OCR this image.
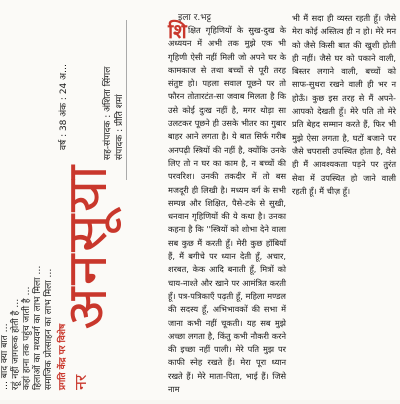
… बाद क्या बात … रहूं नहीं जागरूक होती है … कहां हाना तक पहुंच जाती है … हिलाओं का मध्यवर्ग का लाभ मिला … समाजिक प्रोत्साहन का लाभ मिला … प्रगति केंद्र पर विशेष नर
अनसूया
वर्ष : 38 अंक : 24 अ…	सह-संपादक : अंशिता सिंगल संपादक : प्रीति शमां
इला र.भट्ट
शि क्षित गृहिणियों के सुख-दुख के अध्ययन में अभी तक मुझे एक भी गृहिणी ऐसी नहीं मिली जो अपने घर के कामकाज से तथा बच्चों से पूरी तरह संतुष्ट हो। पहला सवाल पूछने पर तो फौरन तोतारटंत-सा जवाब मिलता है कि उसे कोई दुःख नहीं है, मगर थोड़ा सा उलटकर पूछने ही उसके भीतर का गुबार बाहर आने लगता है। ये बात सिर्फ गरीब अनपढ़ी स्त्रियों की नहीं है, क्योंकि उनके लिए तो न घर का काम है, न बच्चों की परवरिश। उनकी तकदीर में तो बस मजदूरी ही लिखी है। मध्यम वर्ग के सभी सम्पन्न और शिक्षित, पैसे-टके से सुखी, धनवान गृहिणियों की ये कथा है। उनका कहना है कि ''स्त्रियों को शोभा देने वाला सब कुछ मैं करती हूँ। मेरी कुछ हॉबियाँ हैं, मैं बगीचे पर ध्यान देती हूँ, अचार, शरबत, केक आदि बनाती हूँ, मित्रों को चाय-नाश्ते और खाने पर आमंत्रित करती हूँ। पत्र-पत्रिकाएँ पढ़ती हूँ, महिला मण्डल की सदस्य हूँ, अभिभावकों की सभा में जाना कभी नहीं चूकती। यह सब मुझे अच्छा लगता है, किंतु कभी नौकरी करने की इच्छा नहीं पाली। मेरे पति मुझ पर काफी स्नेह रखते हैं। मेरा पूरा ध्यान रखते हैं। मेरे माता-पिता, भाई हैं। जिसे नाम

भी मैं सदा ही व्यस्त रहती हूँ। जैसे मेरा कोई अस्तित्व ही न हो। मेरे मन को जैसे किसी बात की खुशी होती ही नहीं। जैसे घर को पकाने वाली, बिस्तर लगाने वाली, बच्चों को साफ-सुथरा रखने वाली ही भर न होऊँ। कुछ इस तरह से मैं अपने-आपको देखती हूँ। मेरे पति तो मेरे प्रति बेहद सम्मान करते हैं, फिर भी मुझे ऐसा लगता है, घटों बजाने पर जैसे चपरासी उपस्थित होता है, वैसे ही मैं आवश्यकता पड़ने पर तुरंत सेवा में उपस्थित हो जाने वाली रहती हूँ। मैं चीज़ हूँ।
